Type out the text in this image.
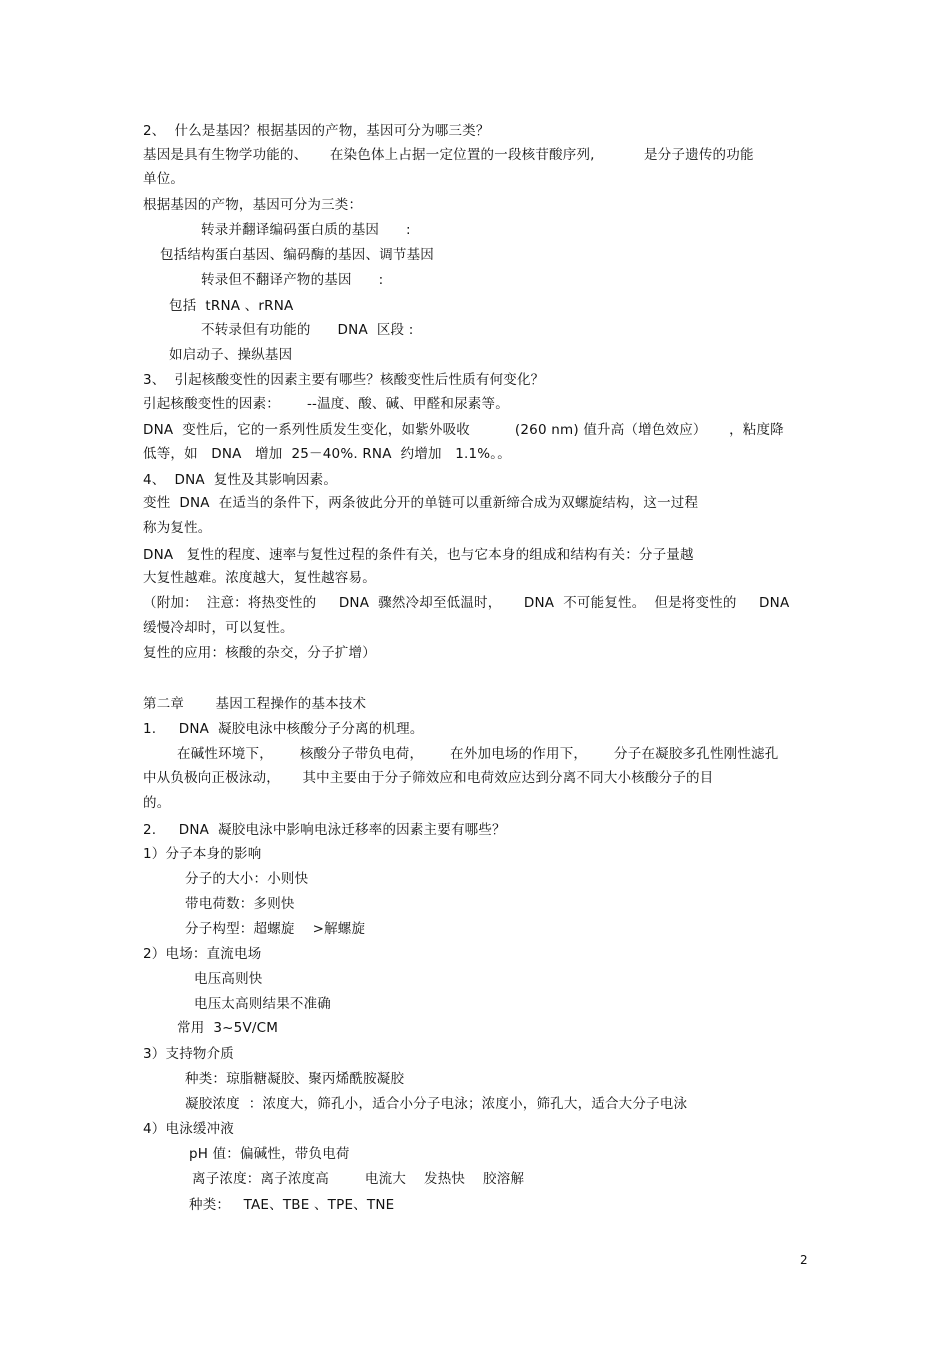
2、  什么是基因？根据基因的产物，基因可分为哪三类？
基因是具有生物学功能的、     在染色体上占据一定位置的一段核苷酸序列,           是分子遗传的功能
单位。
根据基因的产物，基因可分为三类：
转录并翻译编码蛋白质的基因      :
包括结构蛋白基因、编码酶的基因、调节基因
转录但不翻译产物的基因      :
包括  tRNA 、rRNA
不转录但有功能的      DNA  区段 :
如启动子、操纵基因
3、  引起核酸变性的因素主要有哪些？核酸变性后性质有何变化？
引起核酸变性的因素：      --温度、酸、碱、甲醛和尿素等。
DNA  变性后，它的一系列性质发生变化，如紫外吸收          (260 nm) 值升高（增色效应）     ，粘度降
低等，如   DNA   增加  25－40%. RNA  约增加   1.1%。。
4、  DNA  复性及其影响因素。
变性  DNA  在适当的条件下，两条彼此分开的单链可以重新缔合成为双螺旋结构，这一过程
称为复性。
DNA   复性的程度、速率与复性过程的条件有关，也与它本身的组成和结构有关：分子量越
大复性越难。浓度越大，复性越容易。
（附加：  注意：将热变性的     DNA  骤然冷却至低温时，     DNA  不可能复性。  但是将变性的     DNA
缓慢冷却时，可以复性。
复性的应用：核酸的杂交，分子扩增）
第二章       基因工程操作的基本技术
1.     DNA  凝胶电泳中核酸分子分离的机理。
在碱性环境下，      核酸分子带负电荷，      在外加电场的作用下，      分子在凝胶多孔性刚性滤孔
中从负极向正极泳动，     其中主要由于分子筛效应和电荷效应达到分离不同大小核酸分子的目
的。
2.     DNA  凝胶电泳中影响电泳迁移率的因素主要有哪些？
1）分子本身的影响
分子的大小：小则快
带电荷数：多则快
分子构型：超螺旋    >解螺旋
2）电场：直流电场
电压高则快
电压太高则结果不准确
常用  3~5V/CM
3）支持物介质
种类：琼脂糖凝胶、聚丙烯酰胺凝胶
凝胶浓度  ：浓度大，筛孔小，适合小分子电泳；浓度小，筛孔大，适合大分子电泳
4）电泳缓冲液
pH 值：偏碱性，带负电荷
离子浓度：离子浓度高        电流大    发热快    胶溶解
种类：   TAE、TBE 、TPE、TNE
2
